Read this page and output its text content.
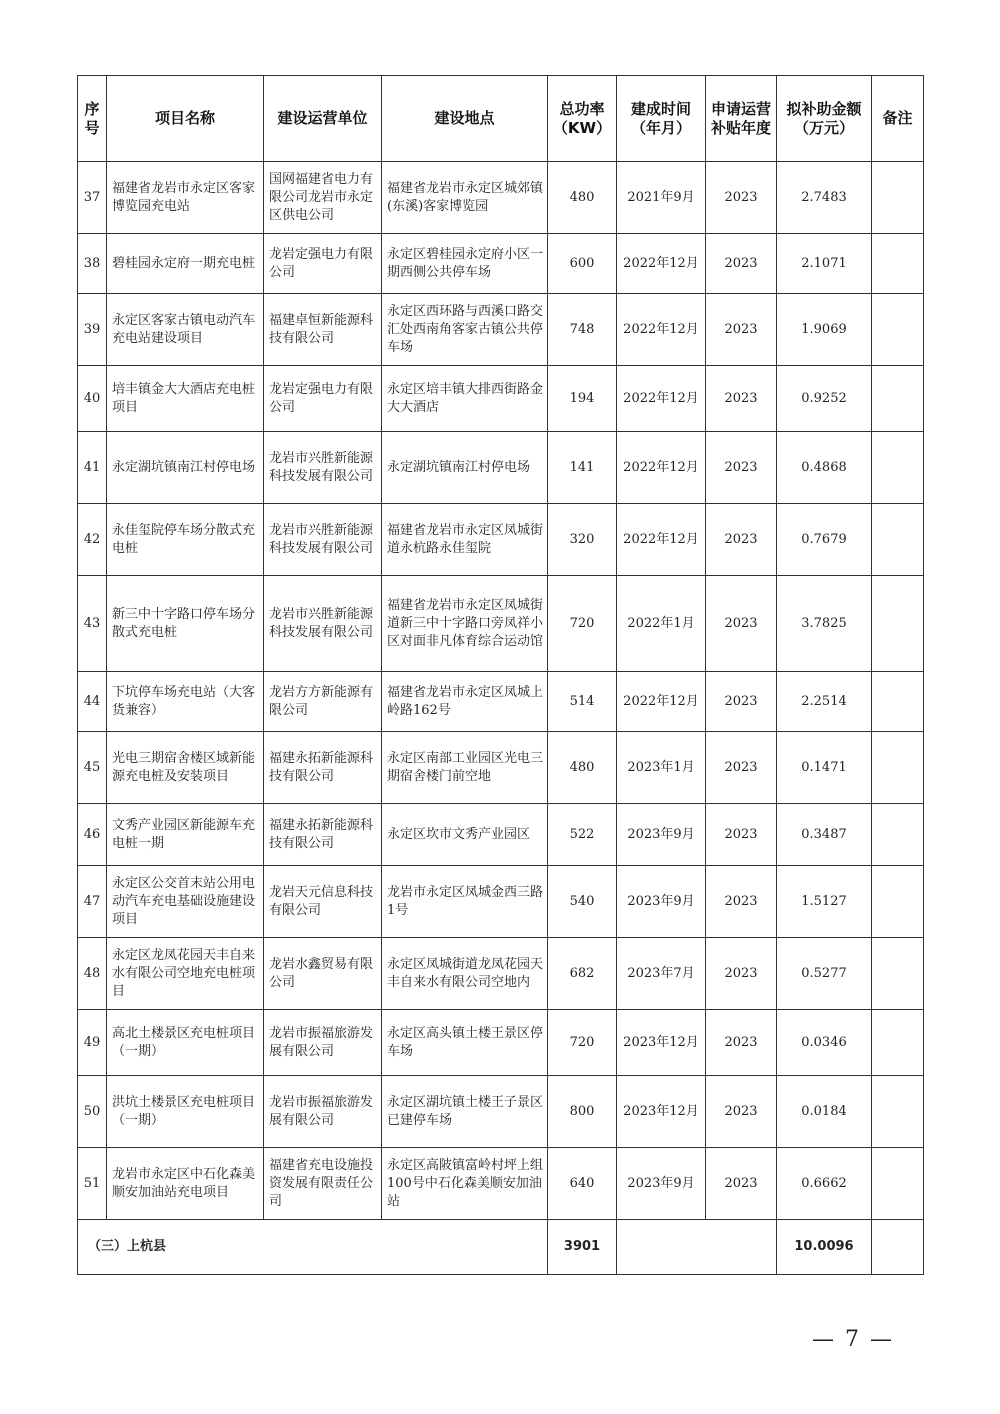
序号	项目名称	建设运营单位	建设地点	总功率（KW）	建成时间（年月）	申请运营补贴年度	拟补助金额（万元）	备注
37	福建省龙岩市永定区客家博览园充电站	国网福建省电力有限公司龙岩市永定区供电公司	福建省龙岩市永定区城郊镇(东溪)客家博览园	480	2021年9月	2023	2.7483	
38	碧桂园永定府一期充电桩	龙岩定强电力有限公司	永定区碧桂园永定府小区一期西侧公共停车场	600	2022年12月	2023	2.1071	
39	永定区客家古镇电动汽车充电站建设项目	福建卓恒新能源科技有限公司	永定区西环路与西溪口路交汇处西南角客家古镇公共停车场	748	2022年12月	2023	1.9069	
40	培丰镇金大大酒店充电桩项目	龙岩定强电力有限公司	永定区培丰镇大排西街路金大大酒店	194	2022年12月	2023	0.9252	
41	永定湖坑镇南江村停电场	龙岩市兴胜新能源科技发展有限公司	永定湖坑镇南江村停电场	141	2022年12月	2023	0.4868	
42	永佳玺院停车场分散式充电桩	龙岩市兴胜新能源科技发展有限公司	福建省龙岩市永定区凤城街道永杭路永佳玺院	320	2022年12月	2023	0.7679	
43	新三中十字路口停车场分散式充电桩	龙岩市兴胜新能源科技发展有限公司	福建省龙岩市永定区凤城街道新三中十字路口旁凤祥小区对面非凡体育综合运动馆	720	2022年1月	2023	3.7825	
44	下坑停车场充电站（大客货兼容）	龙岩方方新能源有限公司	福建省龙岩市永定区凤城上岭路162号	514	2022年12月	2023	2.2514	
45	光电三期宿舍楼区域新能源充电桩及安装项目	福建永拓新能源科技有限公司	永定区南部工业园区光电三期宿舍楼门前空地	480	2023年1月	2023	0.1471	
46	文秀产业园区新能源车充电桩一期	福建永拓新能源科技有限公司	永定区坎市文秀产业园区	522	2023年9月	2023	0.3487	
47	永定区公交首末站公用电动汽车充电基础设施建设项目	龙岩天元信息科技有限公司	龙岩市永定区凤城金西三路1号	540	2023年9月	2023	1.5127	
48	永定区龙凤花园天丰自来水有限公司空地充电桩项目	龙岩水鑫贸易有限公司	永定区凤城街道龙凤花园天丰自来水有限公司空地内	682	2023年7月	2023	0.5277	
49	高北土楼景区充电桩项目（一期）	龙岩市振福旅游发展有限公司	永定区高头镇土楼王景区停车场	720	2023年12月	2023	0.0346	
50	洪坑土楼景区充电桩项目（一期）	龙岩市振福旅游发展有限公司	永定区湖坑镇土楼王子景区已建停车场	800	2023年12月	2023	0.0184	
51	龙岩市永定区中石化森美顺安加油站充电项目	福建省充电设施投资发展有限责任公司	永定区高陂镇富岭村坪上组100号中石化森美顺安加油站	640	2023年9月	2023	0.6662	
（三）上杭县				3901			10.0096	
— 7 —
